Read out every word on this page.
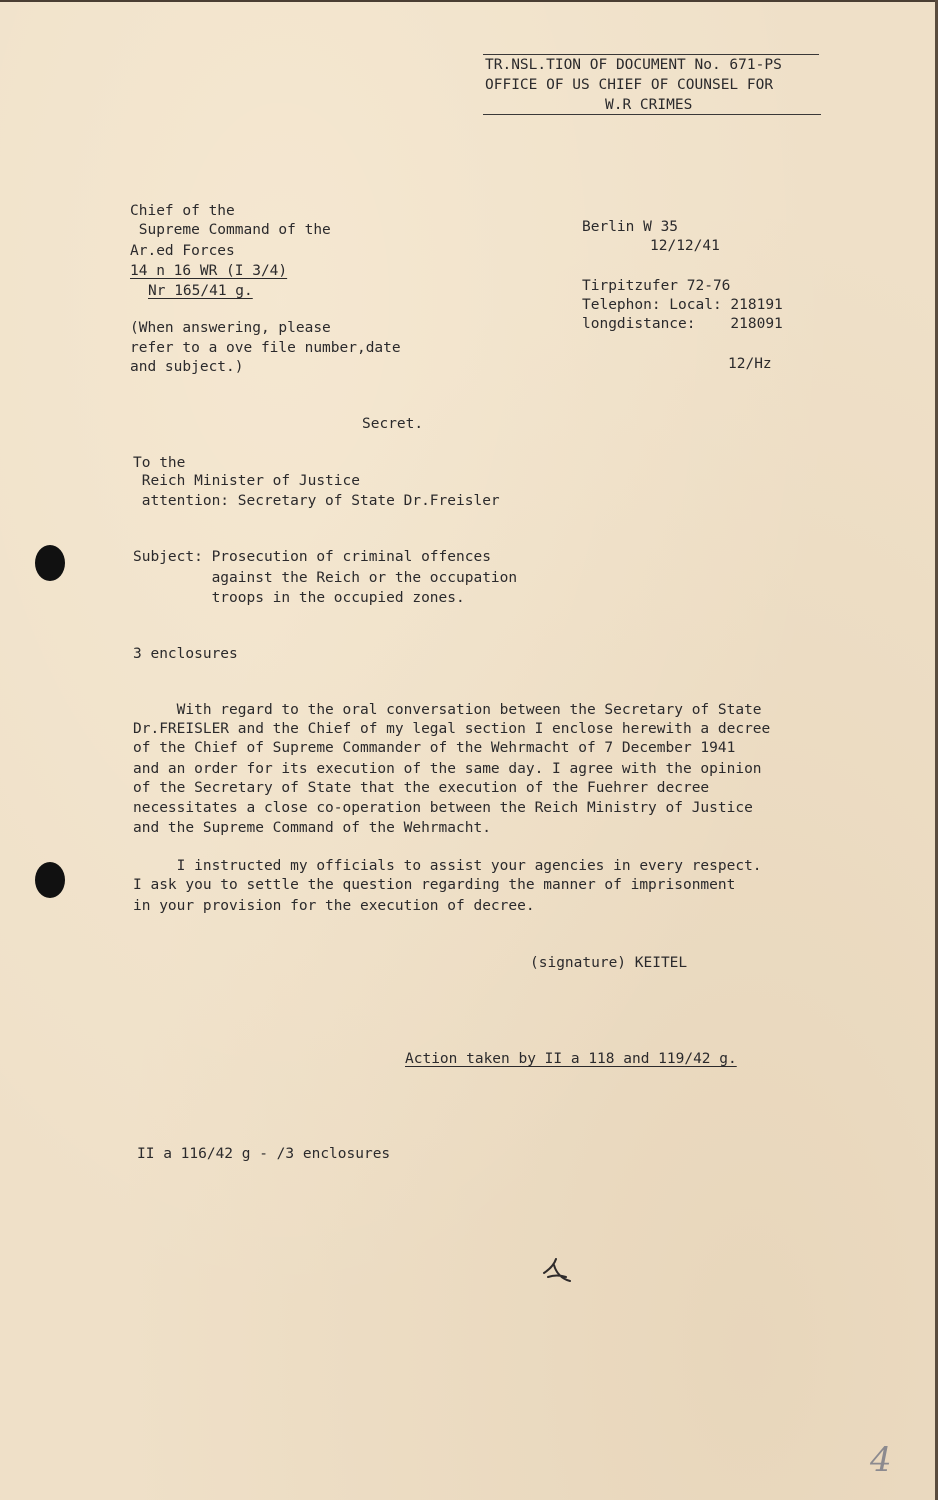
TR.NSL.TION OF DOCUMENT No. 671-PS
OFFICE OF US CHIEF OF COUNSEL FOR
W.R CRIMES
Chief of the
Supreme Command of the
Ar.ed Forces
14 n 16 WR (I 3/4)
Nr 165/41 g.
(When answering, please
refer to a ove file number,date
and subject.)
Berlin W 35
12/12/41
Tirpitzufer 72-76
Telephon: Local: 218191
longdistance:    218091
12/Hz
Secret.
To the
Reich Minister of Justice
attention: Secretary of State Dr.Freisler
Subject: Prosecution of criminal offences
against the Reich or the occupation
troops in the occupied zones.
3 enclosures
With regard to the oral conversation between the Secretary of State
Dr.FREISLER and the Chief of my legal section I enclose herewith a decree
of the Chief of Supreme Commander of the Wehrmacht of 7 December 1941
and an order for its execution of the same day. I agree with the opinion
of the Secretary of State that the execution of the Fuehrer decree
necessitates a close co-operation between the Reich Ministry of Justice
and the Supreme Command of the Wehrmacht.
I instructed my officials to assist your agencies in every respect.
I ask you to settle the question regarding the manner of imprisonment
in your provision for the execution of decree.
(signature) KEITEL
Action taken by II a 118 and 119/42 g.
II a 116/42 g - /3 enclosures
4
